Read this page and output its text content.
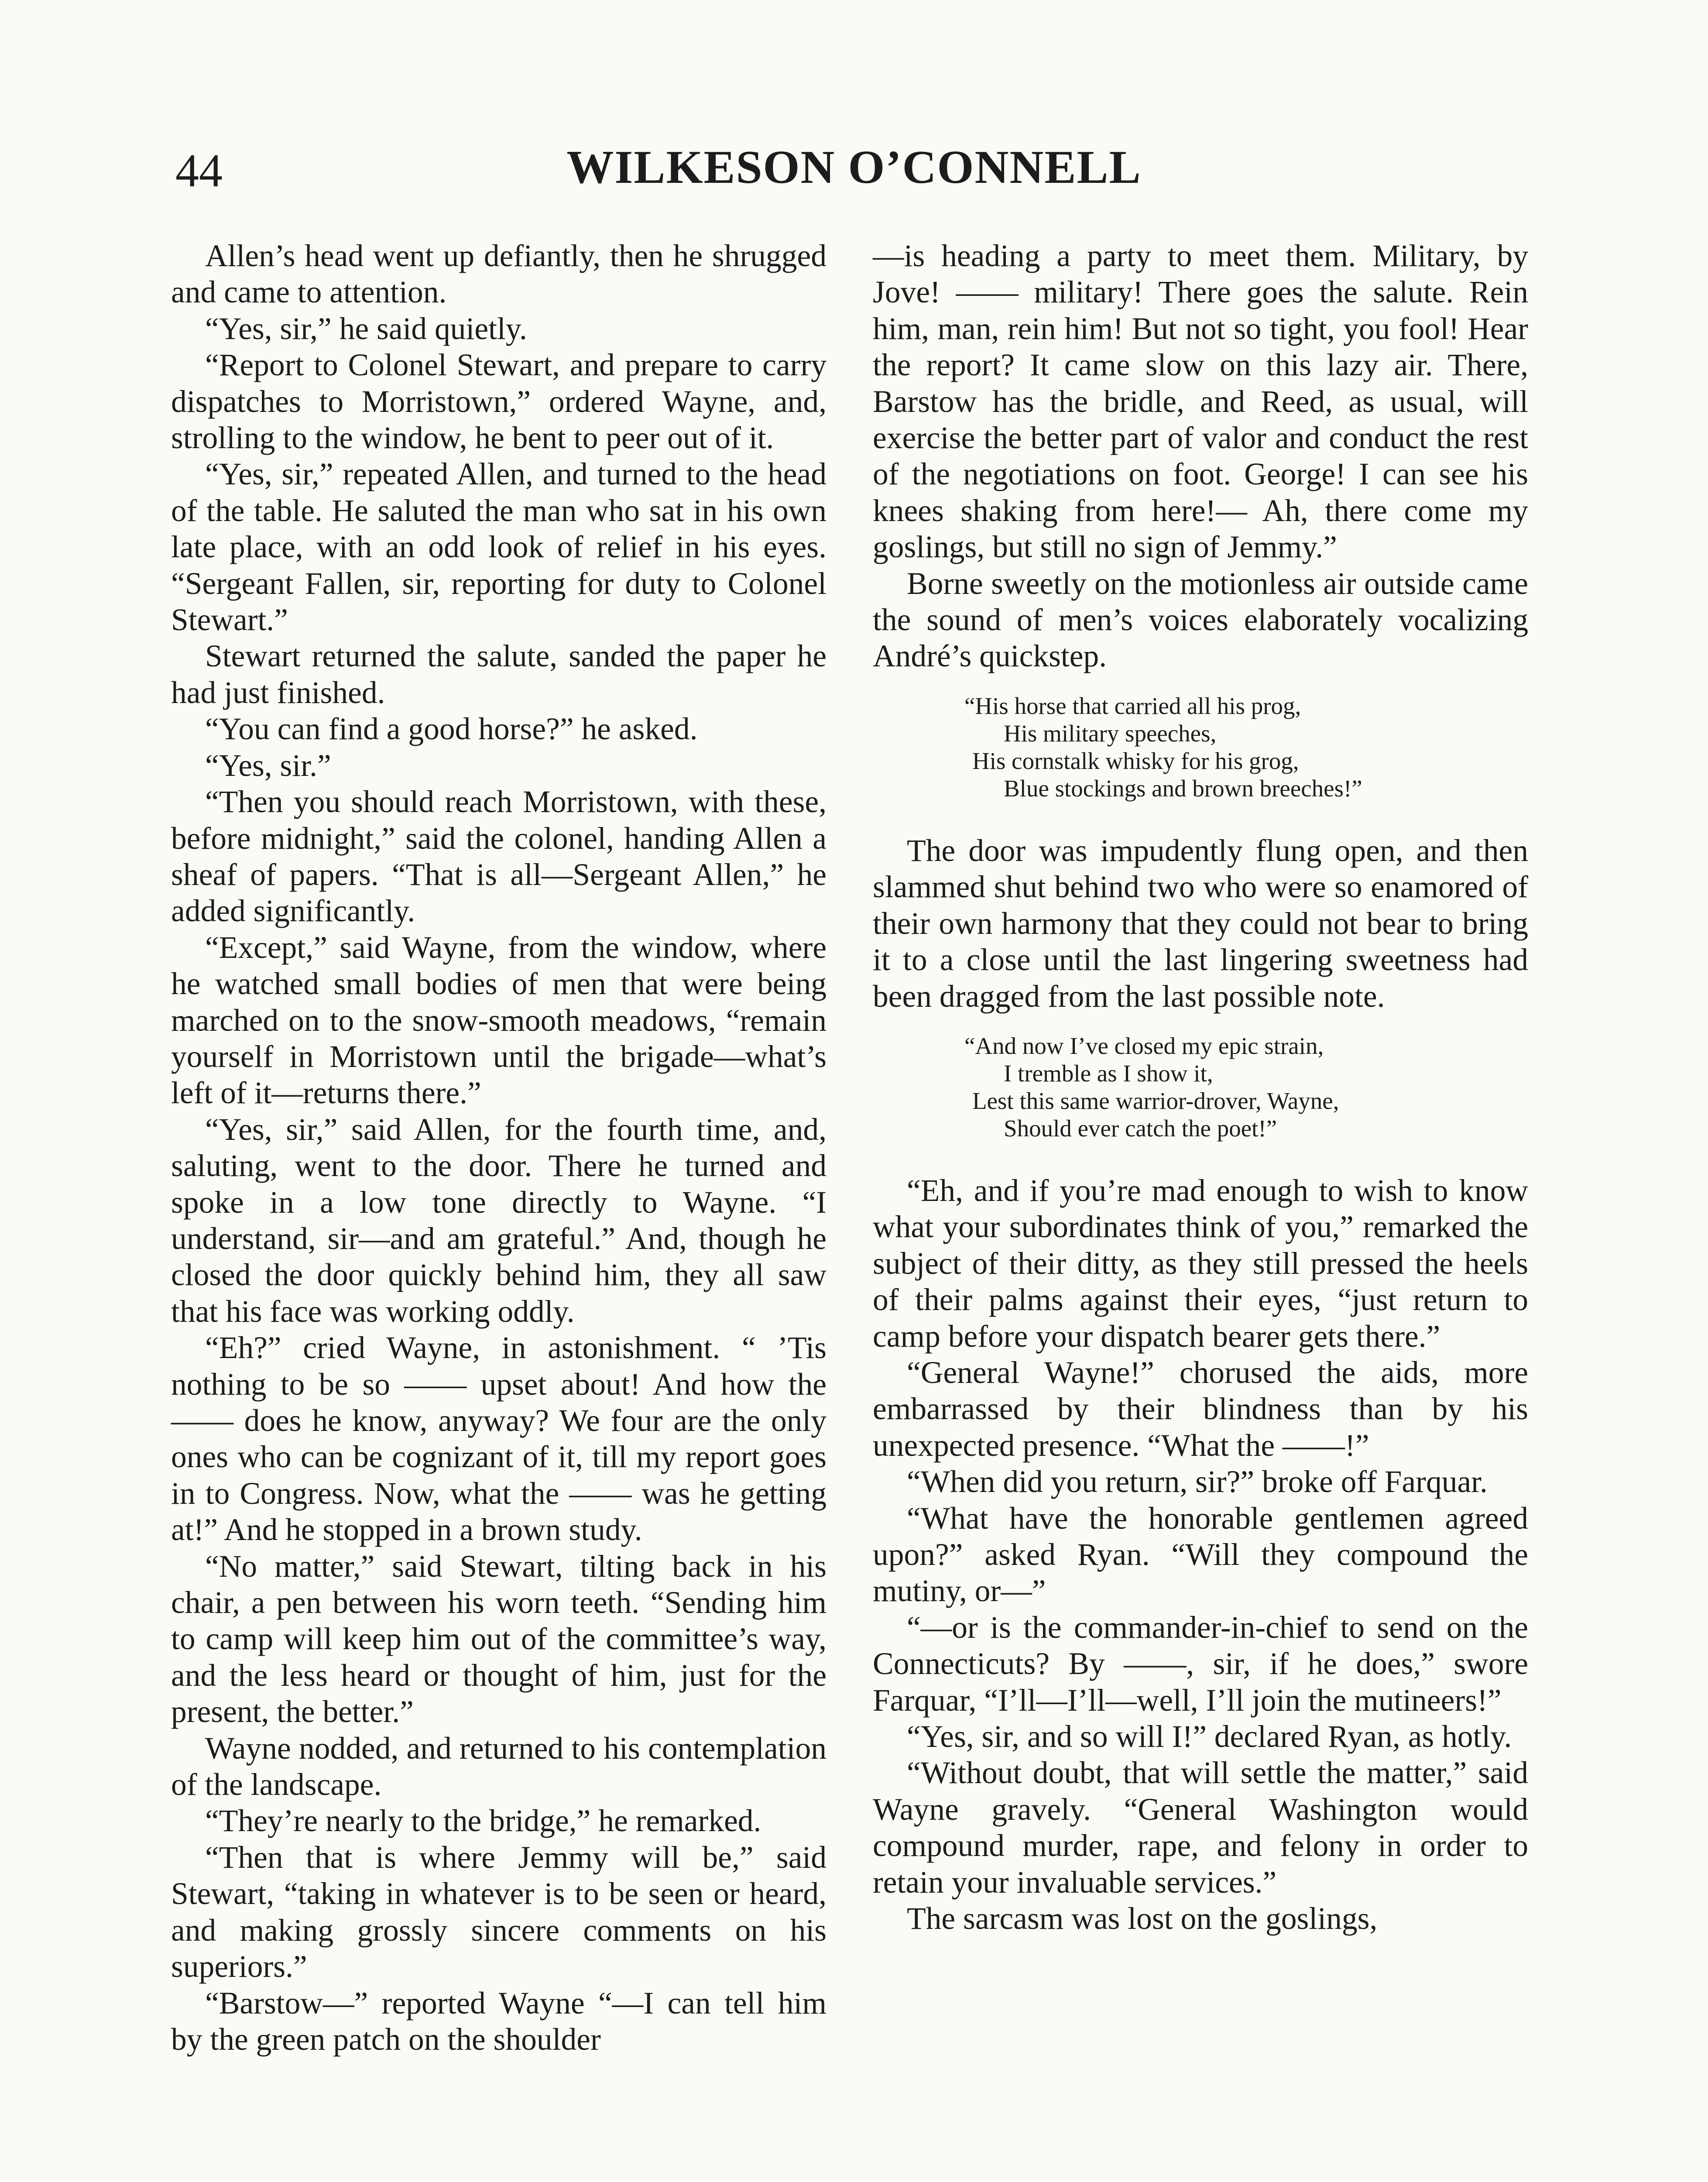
44	WILKESON O’CONNELL

Allen’s head went up defiantly, then he shrugged and came to attention.

“Yes, sir,” he said quietly.

“Report to Colonel Stewart, and prepare to carry dispatches to Morristown,” ordered Wayne, and, strolling to the window, he bent to peer out of it.

“Yes, sir,” repeated Allen, and turned to the head of the table. He saluted the man who sat in his own late place, with an odd look of relief in his eyes. “Sergeant Fallen, sir, reporting for duty to Colonel Stewart.”

Stewart returned the salute, sanded the paper he had just finished.

“You can find a good horse?” he asked.

“Yes, sir.”

“Then you should reach Morristown, with these, before midnight,” said the colonel, handing Allen a sheaf of papers. “That is all—Sergeant Allen,” he added significantly.

“Except,” said Wayne, from the window, where he watched small bodies of men that were being marched on to the snow-smooth meadows, “remain yourself in Morristown until the brigade—what’s left of it—returns there.”

“Yes, sir,” said Allen, for the fourth time, and, saluting, went to the door. There he turned and spoke in a low tone directly to Wayne. “I understand, sir—and am grateful.” And, though he closed the door quickly behind him, they all saw that his face was working oddly.

“Eh?” cried Wayne, in astonishment. “ ’Tis nothing to be so —— upset about! And how the —— does he know, anyway? We four are the only ones who can be cognizant of it, till my report goes in to Congress. Now, what the —— was he getting at!” And he stopped in a brown study.

“No matter,” said Stewart, tilting back in his chair, a pen between his worn teeth. “Sending him to camp will keep him out of the committee’s way, and the less heard or thought of him, just for the present, the better.”

Wayne nodded, and returned to his contemplation of the landscape.

“They’re nearly to the bridge,” he remarked.

“Then that is where Jemmy will be,” said Stewart, “taking in whatever is to be seen or heard, and making grossly sincere comments on his superiors.”

“Barstow—” reported Wayne “—I can tell him by the green patch on the shoulder

—is heading a party to meet them. Military, by Jove! —— military! There goes the salute. Rein him, man, rein him! But not so tight, you fool! Hear the report? It came slow on this lazy air. There, Barstow has the bridle, and Reed, as usual, will exercise the better part of valor and conduct the rest of the negotiations on foot. George! I can see his knees shaking from here!— Ah, there come my goslings, but still no sign of Jemmy.”

Borne sweetly on the motionless air outside came the sound of men’s voices elaborately vocalizing André’s quickstep.

“His horse that carried all his prog,
His military speeches,
His cornstalk whisky for his grog,
Blue stockings and brown breeches!”

The door was impudently flung open, and then slammed shut behind two who were so enamored of their own harmony that they could not bear to bring it to a close until the last lingering sweetness had been dragged from the last possible note.

“And now I’ve closed my epic strain,
I tremble as I show it,
Lest this same warrior-drover, Wayne,
Should ever catch the poet!”

“Eh, and if you’re mad enough to wish to know what your subordinates think of you,” remarked the subject of their ditty, as they still pressed the heels of their palms against their eyes, “just return to camp before your dispatch bearer gets there.”

“General Wayne!” chorused the aids, more embarrassed by their blindness than by his unexpected presence. “What the ——!”

“When did you return, sir?” broke off Farquar.

“What have the honorable gentlemen agreed upon?” asked Ryan. “Will they compound the mutiny, or—”

“—or is the commander-in-chief to send on the Connecticuts? By ——, sir, if he does,” swore Farquar, “I’ll—I’ll—well, I’ll join the mutineers!”

“Yes, sir, and so will I!” declared Ryan, as hotly.

“Without doubt, that will settle the matter,” said Wayne gravely. “General Washington would compound murder, rape, and felony in order to retain your invaluable services.”

The sarcasm was lost on the goslings,
